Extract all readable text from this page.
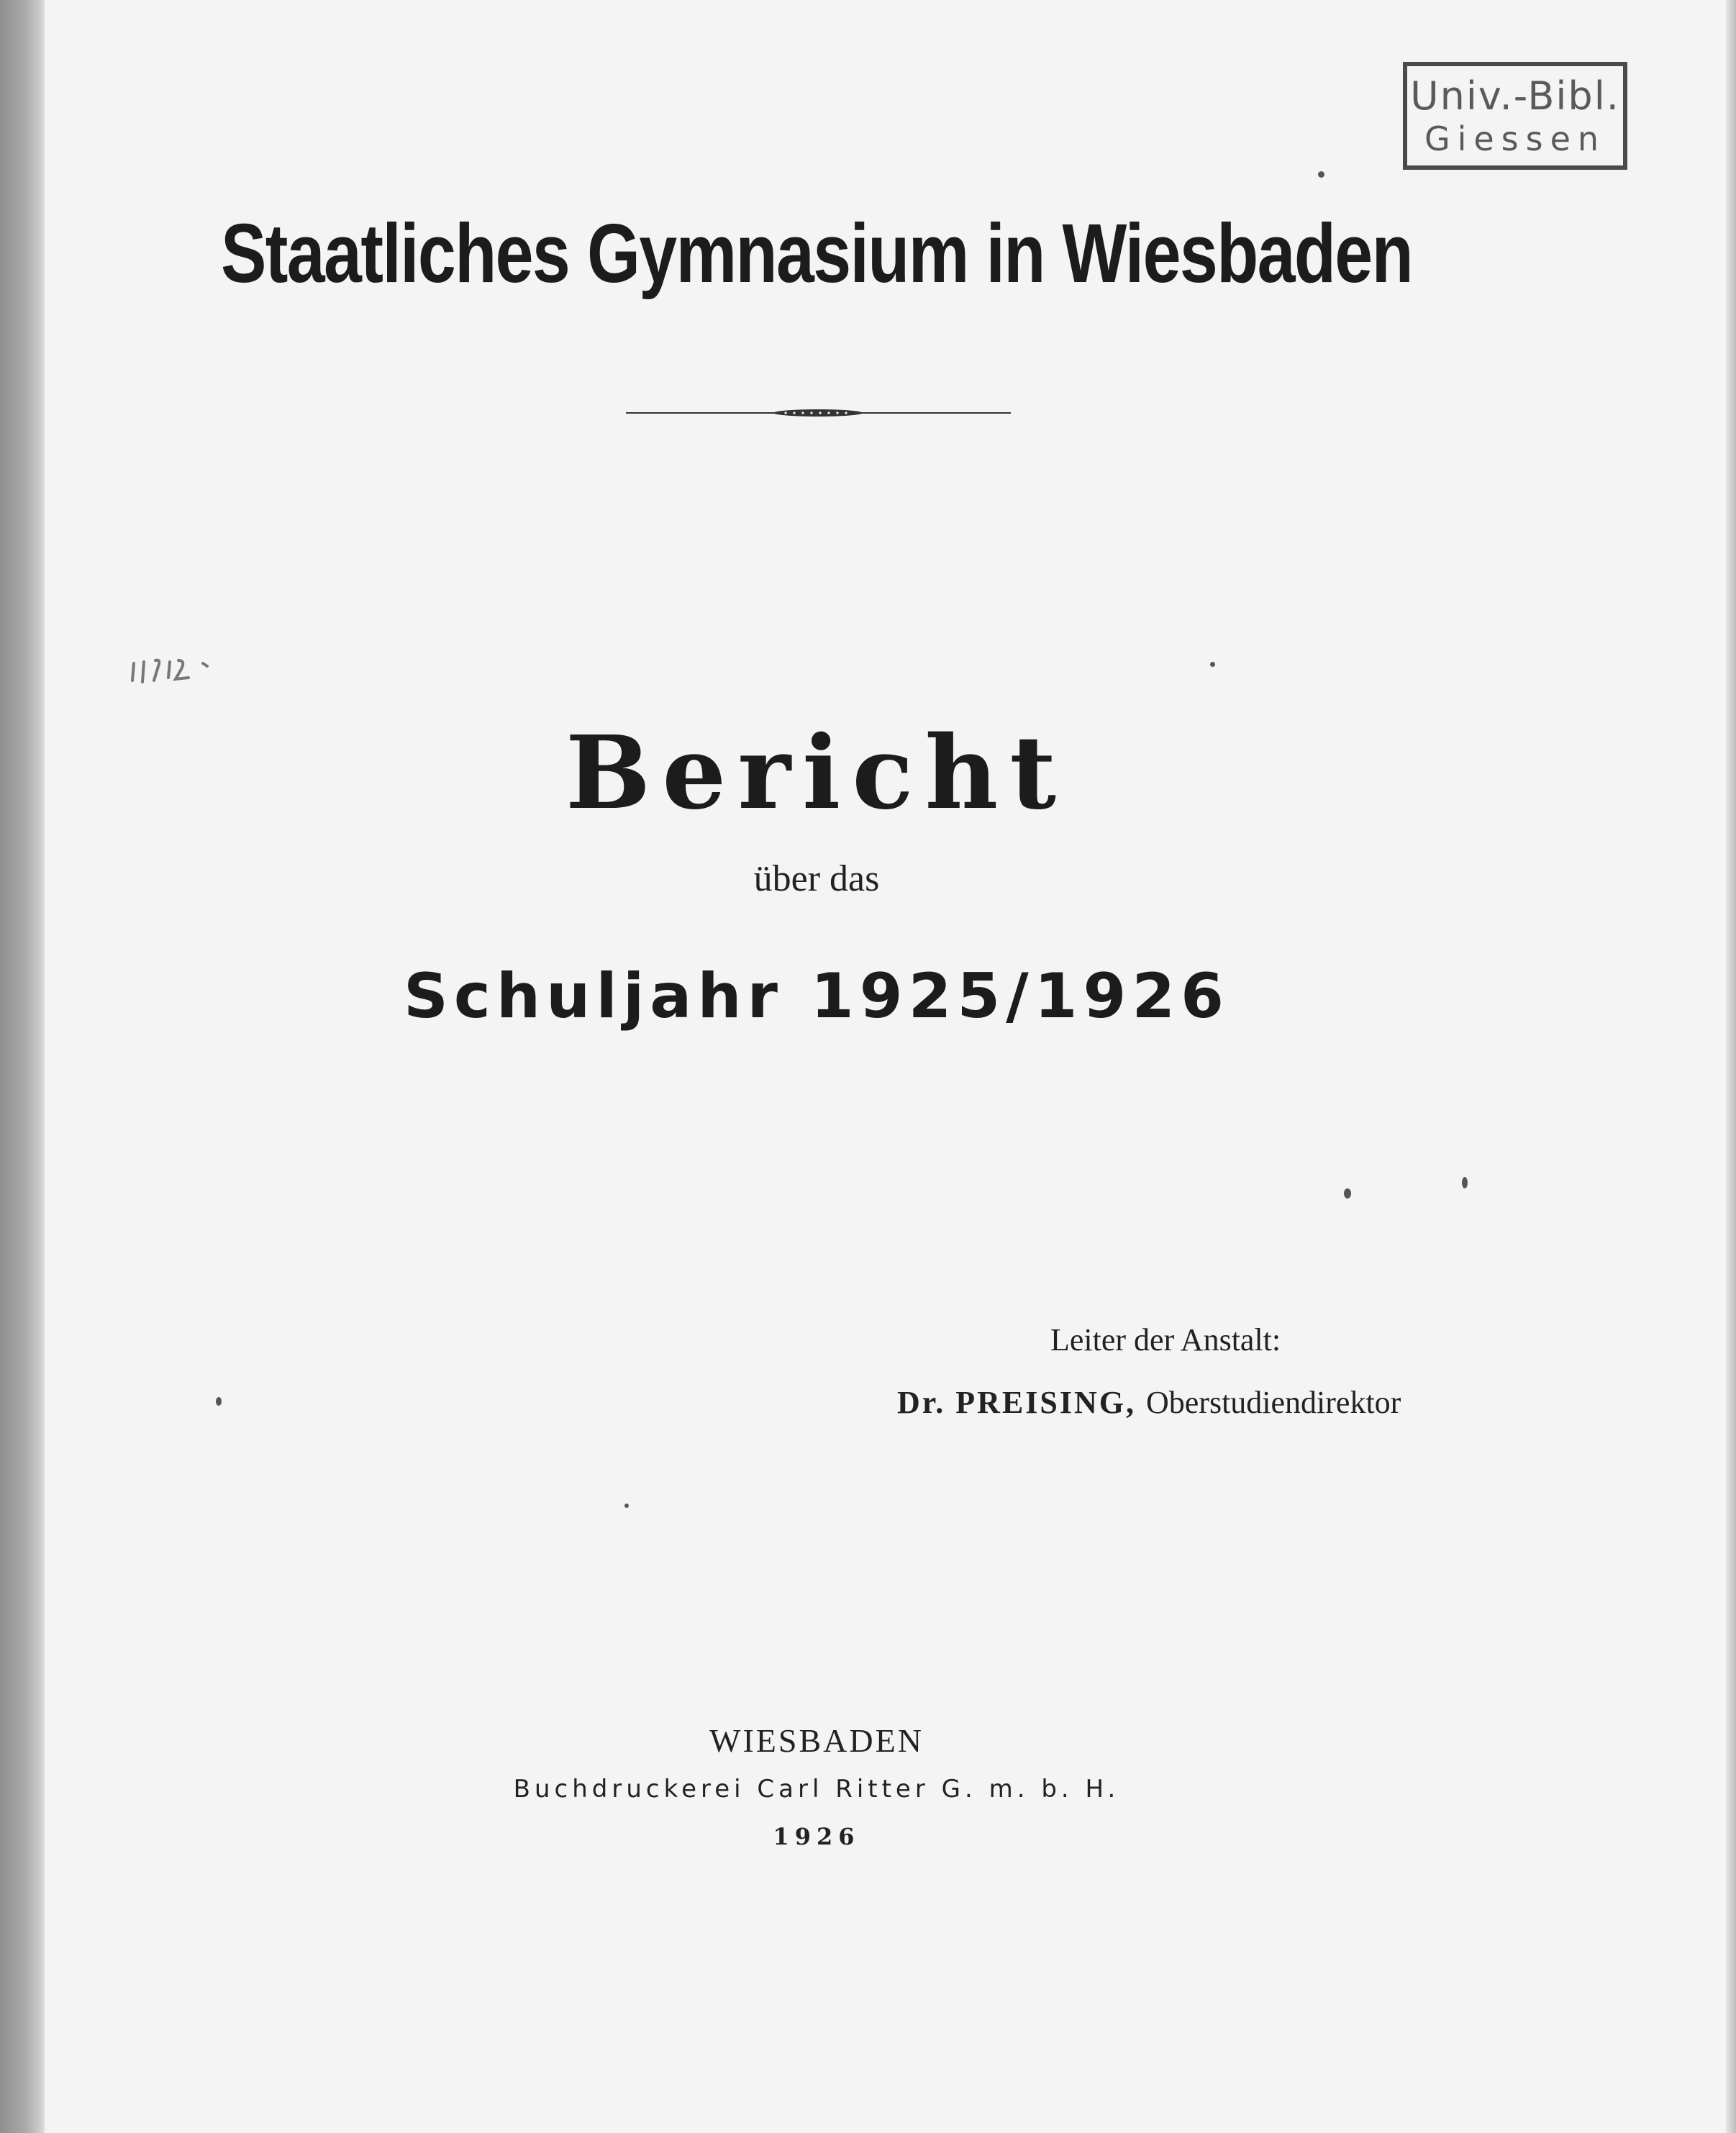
Univ.-Bibl.
Giessen
Staatliches Gymnasium in Wiesbaden
Bericht
über das
Schuljahr 1925/1926
Leiter der Anstalt:
Dr. PREISING, Oberstudiendirektor
WIESBADEN
Buchdruckerei Carl Ritter G. m. b. H.
1926
